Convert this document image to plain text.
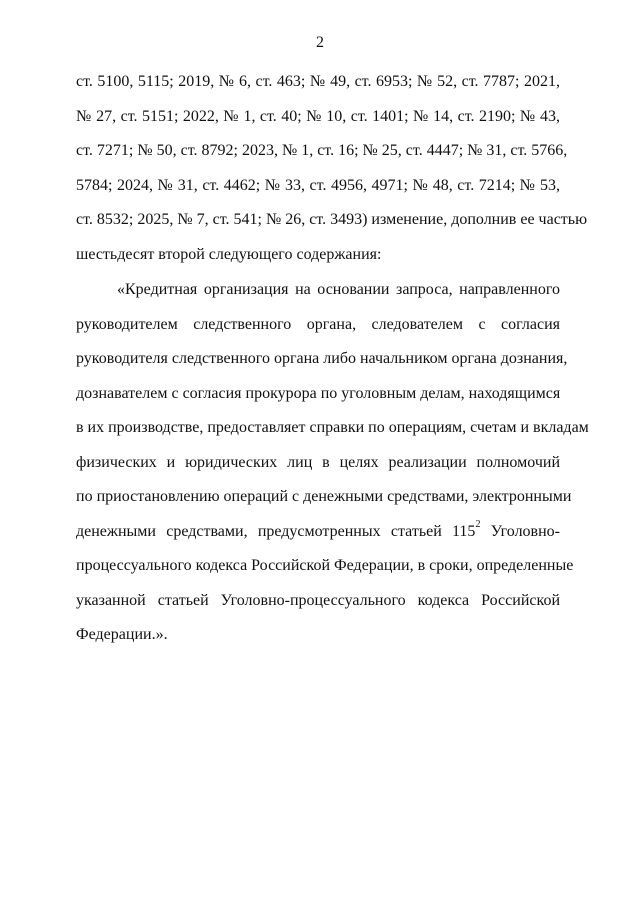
2
ст. 5100, 5115; 2019, № 6, ст. 463; № 49, ст. 6953; № 52, ст. 7787; 2021,
№ 27, ст. 5151; 2022, № 1, ст. 40; № 10, ст. 1401; № 14, ст. 2190; № 43,
ст. 7271; № 50, ст. 8792; 2023, № 1, ст. 16; № 25, ст. 4447; № 31, ст. 5766,
5784; 2024, № 31, ст. 4462; № 33, ст. 4956, 4971; № 48, ст. 7214; № 53,
ст. 8532; 2025, № 7, ст. 541; № 26, ст. 3493) изменение, дополнив ее частью
шестьдесят второй следующего содержания:
«Кредитная организация на основании запроса, направленного
руководителем следственного органа, следователем с согласия
руководителя следственного органа либо начальником органа дознания,
дознавателем с согласия прокурора по уголовным делам, находящимся
в их производстве, предоставляет справки по операциям, счетам и вкладам
физических и юридических лиц в целях реализации полномочий
по приостановлению операций с денежными средствами, электронными
денежными средствами, предусмотренных статьей $115^2$ Уголовно-
процессуального кодекса Российской Федерации, в сроки, определенные
указанной статьей Уголовно-процессуального кодекса Российской
Федерации.».
